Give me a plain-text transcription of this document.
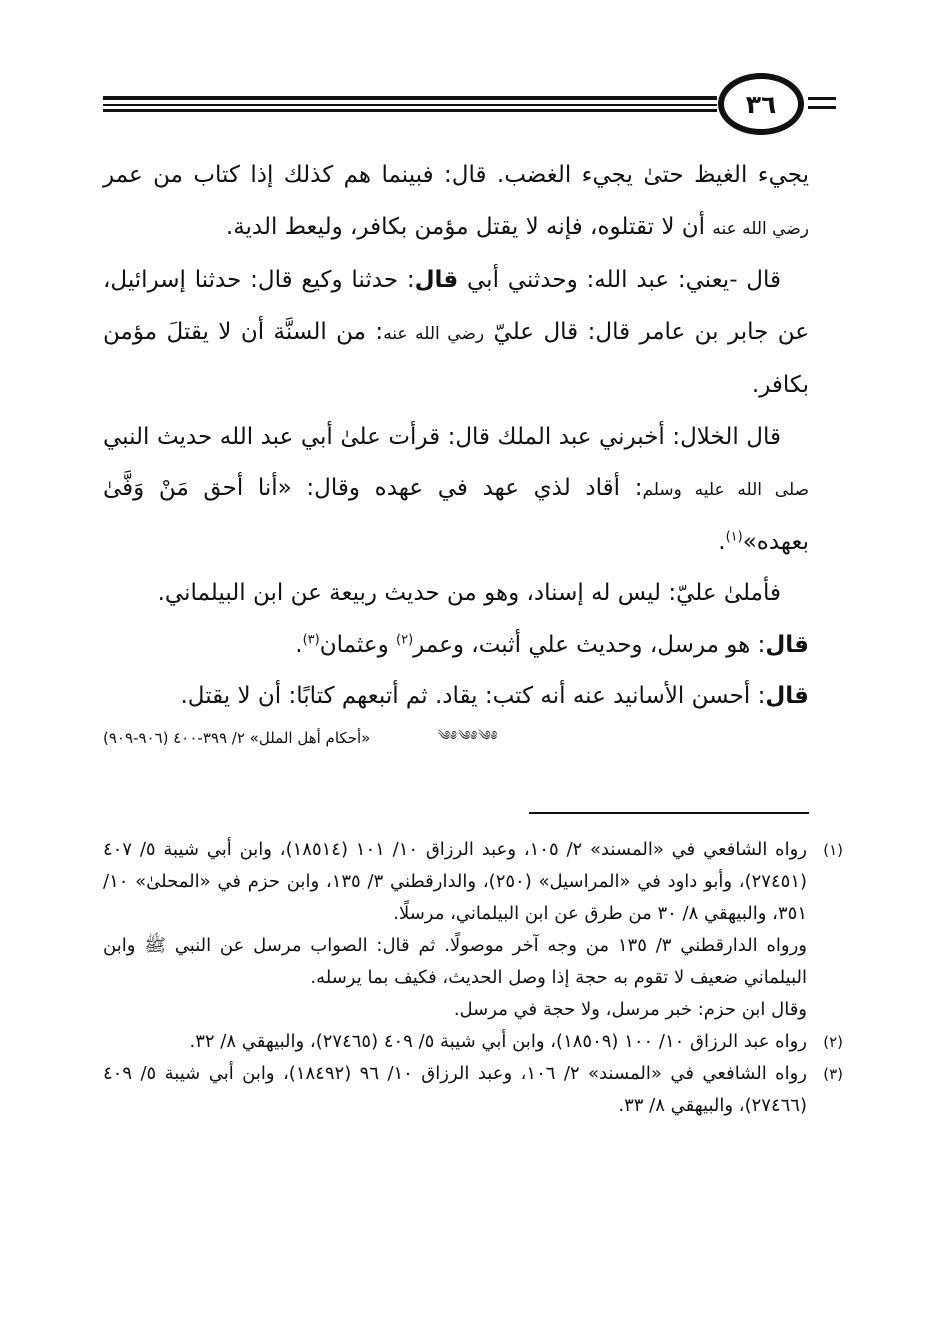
٣٦

يجيء الغيظ حتىٰ يجيء الغضب. قال: فبينما هم كذلك إذا كتاب من عمر رضي الله عنه أن لا تقتلوه، فإنه لا يقتل مؤمن بكافر، وليعط الدية.

قال -يعني: عبد الله: وحدثني أبي قال: حدثنا وكيع قال: حدثنا إسرائيل، عن جابر بن عامر قال: قال عليّ رضي الله عنه: من السنَّة أن لا يقتلَ مؤمن بكافر.

قال الخلال: أخبرني عبد الملك قال: قرأت علىٰ أبي عبد الله حديث النبي صلى الله عليه وسلم: أقاد لذي عهد في عهده وقال: «أنا أحق مَنْ وَفَّىٰ بعهده»$^{(١)}$.

فأملىٰ عليّ: ليس له إسناد، وهو من حديث ربيعة عن ابن البيلماني.

قال: هو مرسل، وحديث علي أثبت، وعمر$^{(٢)}$ وعثمان$^{(٣)}$.

قال: أحسن الأسانيد عنه أنه كتب: يقاد. ثم أتبعهم كتابًا: أن لا يقتل.

«أحكام أهل الملل» ٢/ ٣٩٩-٤٠٠ (٩٠٦-٩٠٩)	༄༅༄༅༄༅
(١)

رواه الشافعي في «المسند» ٢/ ١٠٥، وعبد الرزاق ١٠/ ١٠١ (١٨٥١٤)، وابن أبي شيبة ٥/ ٤٠٧ (٢٧٤٥١)، وأبو داود في «المراسيل» (٢٥٠)، والدارقطني ٣/ ١٣٥، وابن حزم في «المحلىٰ» ١٠/ ٣٥١، والبيهقي ٨/ ٣٠ من طرق عن ابن البيلماني، مرسلًا.

ورواه الدارقطني ٣/ ١٣٥ من وجه آخر موصولًا. ثم قال: الصواب مرسل عن النبي ﷺ وابن البيلماني ضعيف لا تقوم به حجة إذا وصل الحديث، فكيف بما يرسله.

وقال ابن حزم: خبر مرسل، ولا حجة في مرسل.

(٢)

رواه عبد الرزاق ١٠/ ١٠٠ (١٨٥٠٩)، وابن أبي شيبة ٥/ ٤٠٩ (٢٧٤٦٥)، والبيهقي ٨/ ٣٢.

(٣)

رواه الشافعي في «المسند» ٢/ ١٠٦، وعبد الرزاق ١٠/ ٩٦ (١٨٤٩٢)، وابن أبي شيبة ٥/ ٤٠٩ (٢٧٤٦٦)، والبيهقي ٨/ ٣٣.
